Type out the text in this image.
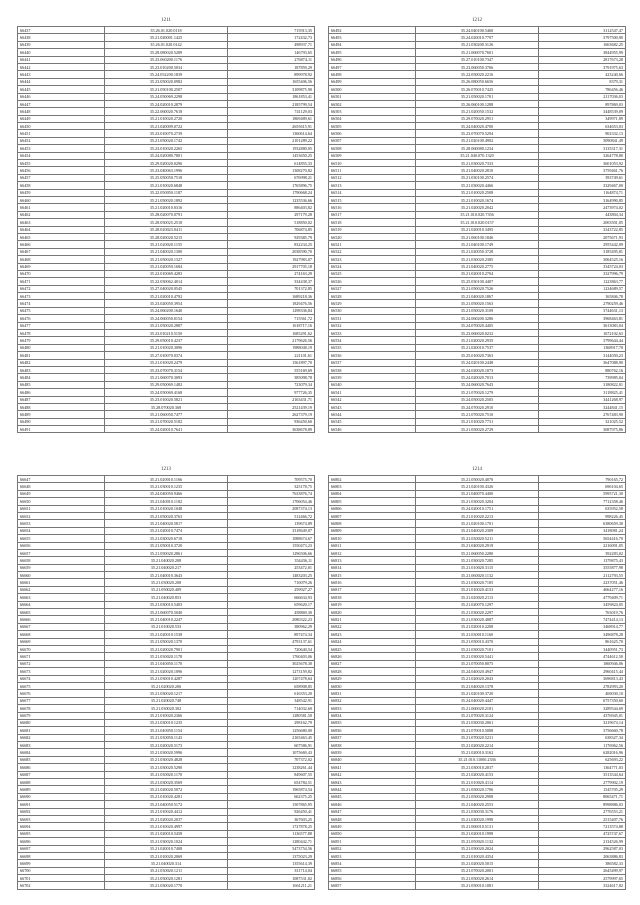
1211
66437	35.26.01.020.0118	715913,35
66438	35.21.020001.1425	172432,73
66439	35.26.01.020.0142	498937,71
66440	35.28.080020.5289	146793,65
66441	35.23.060200.1176	276874,11
66442	35.23.010200.5034	187859,29
66443	35.24.052200.1839	899978,92
66444	35.23.050020.0982	1655406,56
66445	35.21.050100.2507	3109875,90
66446	35.24.050069.2298	1861853,41
66447	35.24.020010.2879	2185799,54
66448	35.22.060020.7618	741129,03
66449	35.21.010020.2720	1869489,61
66450	35.21.020009.0722	2655615,91
66451	35.23.010070.2739	1360614,64
66452	35.21.050020.1742	2101289,22
66453	35.23.010020.2265	1932880,05
66454	35.24.020080.7801	1453650,25
66455	35.29.020020.0296	614855,33
66456	35.23.040063.1996	1308270,82
66457	35.25.050050.7518	676998,21
66458	35.21.010020.6848	1765896,75
66459	35.22.050050.1187	1790668,24
66460	35.21.050020.1892	1235536,66
66461	35.21.020010.0316	886403,82
66462	35.28.020070.0791	297179,28
66463	35.28.050025.2518	518850,02
66464	35.28.020023.0411	706874,85
66465	35.28.020020.5215	929385,79
66466	35.21.020020.1155	832234,25
66467	35.21.040020.1300	2038590,70
66468	35.21.050020.1327	1927983,07
66469	35.21.020050.1684	2917705,18
66470	35.22.010069.4283	274163,29
66471	35.22.030062.4014	334438,37
66472	35.27.040020.0545	701372,85
66473	35.21.020010.4792	1689218,36
66474	35.23.020050.3954	1829476,56
66475	35.24.060200.1640	1298336,84
66476	35.24.060050.0154	715561,72
66477	35.21.050020.2887	1618717,16
66478	35.23.010210.5150	1685291,62
66479	35.29.050010.4237	2179626,56
66480	35.21.010020.3096	1988048,19
66481	35.27.010070.0374	221101,61
66482	35.21.010020.2479	1561897,70
66483	35.23.070070.3154	555169,69
66484	35.21.060070.3093	385098,78
66485	35.29.050069.1482	723079,34
66486	35.24.050069.4168	977726,35
66487	35.23.010020.5821	2163431,71
66488	35.28.070020.368	2521439,19
66489	35.21.060050.7477	2627379,19
66490	35.21.070020.5182	936450,60
66491	35.24.020010.7641	3638678,89
1212
66492	35.24.040100.5460	3112547,47
66493	35.24.020010.7797	3797500,90
66494	35.21.030200.3126	1663682,25
66495	35.21.060070.7601	3844955,99
66496	35.27.010100.7347	2817673,28
66497	35.23.060050.3766	3791975,63
66498	35.22.050020.2216	423240,66
66499	35.26.080050.6656	8379,31
66500	35.26.070010.7425	786456,46
66501	35.21.050020.1701	2117036,03
66502	35.26.060100.1288	897869,03
66503	35.21.020050.1532	3448539,09
66504	35.29.070020.2951	349971,89
66505	35.24.040020.4700	634653,03
66506	35.23.070070.5294	902332,13
66507	35.21.020100.4902	3090841,49
66508	35.28.060080.1234	3135317,31
66509	35.21.040.070.1320	3264778,80
66510	35.21.030020.7333	3601053,92
66511	35.21.040020.2810	3759461,76
66512	35.21.030100.2574	393749,61
66513	35.21.030020.4466	3329467,00
66514	35.21.010020.2508	1164874,71
66515	35.21.010020.1674	3164990,85
66516	35.21.020020.2042	2473974,02
66517	35.21.010.020.7356	443804,34
66518	35.21.010.020.0157	2003501,05
66519	35.21.020010.3495	3343722,85
66520	35.21.060100.1846	2075671,93
66521	35.21.040100.1749	2955442,09
66522	35.21.020050.3728	3185495,81
66523	35.21.030020.2385	3064525,16
66524	35.21.040020.2775	3345724,03
66525	35.21.020010.2704	3327996,79
66526	35.25.030100.4407	1223863,77
66527	35.21.050020.7526	1234689,57
66528	35.21.040020.1867	165846,78
66529	35.21.050020.1563	2790259,46
66530	35.21.050020.3109	3744631,13
66531	35.24.060200.3286	3968463,81
66532	35.24.070020.4405	3613083,04
66533	35.23.060020.0232	1672102,63
66534	35.21.020020.2935	3799644,44
66535	35.21.020010.7537	1368917,70
66536	35.25.010020.7363	3144050,23
66537	35.24.020100.2448	3647088,90
66538	35.24.020020.1073	880762,16
66539	35.24.020020.7013	739985,04
66540	35.24.060020.7643	3180822,01
66541	35.21.070020.1279	3118825,41
66542	35.24.050020.2505	3441268,97
66543	35.24.070020.2910	3244841,15
66544	35.21.070020.7510	2767483,90
66545	35.21.010020.7731	321025,52
66546	35.21.050020.2729	3087975,86
1213
66647	35.21.020010.1166	709575,70
66648	35.21.030010.1235	325178,75
66649	35.24.040050.9466	7633876,74
66650	35.21.040010.1182	1706054,46
66651	35.21.010020.1048	2087374,13
66652	35.21.050020.3763	512466,72
66653	35.21.040020.5817	139674,89
66654	35.21.020010.7474	3318649,07
66655	35.21.030020.6718	1088674,67
66656	35.21.050010.3720	1550473,23
66657	35.21.050020.2861	1296506,66
66658	35.21.040020.208	354436,11
66659	35.21.040020.217	253472,01
66660	35.21.040010.3643	1483203,25
66661	35.21.030020.208	710079,26
66662	35.21.050020.409	259927,27
66663	35.21.040020.853	666634,93
66664	35.21.030010.5403	659620,17
66665	35.21.060070.5040	458869,30
66666	35.21.040010.2247	2080322,23
66667	35.21.010020.533	380962,29
66668	35.21.020010.1538	897474,34
66669	35.21.050020.1370	4793137,61
66670	35.21.020020.7901	720640,54
66671	35.21.030020.1178	1760403,06
66672	35.21.040050.1170	3025678,30
66673	35.21.020020.1096	1273159,82
66674	35.21.030010.4287	1207478,64
66675	35.21.020020.206	658908,85
66676	35.21.030020.1217	616353,20
66677	35.21.020020.748	348542,91
66678	35.21.030020.302	714032,60
66679	35.21.010020.2366	1280581,50
66680	35.21.030010.1235	298162,79
66681	35.21.040050.1154	1256680,00
66682	35.21.030050.1143	2165463,45
66683	35.21.020020.5173	607586,91
66684	35.21.030020.5996	1075669,43
66685	35.21.030020.4828	707372,02
66686	35.21.030020.5290	1238261,44
66687	35.21.030020.1170	849607,55
66688	35.21.030020.3569	654784,51
66689	35.21.020020.5072	1965874,54
66690	35.21.010020.4281	662375,25
66691	35.21.040050.5172	1507865,95
66692	35.21.010020.4412	926450,41
66693	35.21.020020.2037	367603,25
66694	35.21.010020.4997	1727878,25
66695	35.21.020010.5458	1136577,88
66696	35.21.030020.1024	1280442,71
66697	35.21.020010.7408	5473754,56
66698	35.21.010020.2069	1375023,29
66699	35.21.040020.314	1355614,39
66700	35.21.030020.1211	331714,04
66701	35.21.050020.1281	1087531,02
66702	35.21.030020.1770	1661211,21
1214
66802	35.21.050020.4070	790165,72
66803	35.21.020100.4326	696104,65
66804	35.21.040070.4400	5995721,30
66805	35.21.030020.3204	7712358,46
66806	35.24.020010.1751	635952,58
66807	35.21.010020.2213	998226,45
66808	35.21.020100.1701	6380659,30
66809	35.21.040020.2309	3418081,24
66810	35.21.030020.5211	5654416,70
66811	35.21.040020.2919	2216091,05
66812	35.21.060050.2280	392283,02
66813	35.21.030020.7285	1379875,43
66814	35.21.010020.3115	3555877,98
66815	35.21.060020.1132	2112793,55
66816	35.21.030020.7185	2237051,46
66817	35.21.010020.4153	4664277,16
66818	35.21.020020.2113	4779409,71
66819	35.21.020070.1297	3459824,05
66820	35.21.030020.2297	763019,76
66821	35.21.030020.4087	7474414,13
66822	35.21.020010.2208	3468914,77
66823	35.21.030010.1160	3496878,28
66824	35.21.050010.4370	861625,70
66825	35.21.030020.7101	3440951,73
66826	35.21.030020.5441	4744612,50
66827	35.21.070050.8075	1860946,06
66828	35.24.040020.4947	2960415,44
66829	35.21.020020.2043	3696813,43
66830	35.21.040020.1378	2782993,20
66831	35.21.020100.3720	469030,10
66832	35.24.040020.4447	6757350,60
66833	35.21.060020.2181	3289544,69
66834	35.21.070020.3124	4376945,01
66835	35.21.030030.2061	3219674,14
66836	35.21.070010.5008	3756660,78
66837	35.21.070020.5231	638327,34
66838	35.21.020020.2214	1176962,56
66839	35.21.020010.3162	6282016,96
66840	35.21.010.11000.2336	625693,22
66841	35.21.030010.2037	1364771,03
66842	35.21.020020.4153	3513544,64
66843	35.21.010020.4114	2779902,19
66844	35.21.050020.1706	1545705,29
66845	35.21.050020.2908	8065471,71
66846	35.21.040020.2553	8998886,03
66847	35.21.030030.3176	2776553,21
66848	35.21.020020.1998	2515407,76
66849	35.21.060010.5131	7213574,88
66850	35.21.020010.1998	4725747,67
66851	35.21.050020.1132	2134526,99
66852	35.21.050020.2024	2962587,03
66853	35.21.010020.4354	2063886,83
66854	35.21.020020.5015	386582,33
66855	35.21.070020.2001	2645499,97
66856	35.21.050020.2614	2579997,65
66857	35.21.050010.1081	3324617,82
